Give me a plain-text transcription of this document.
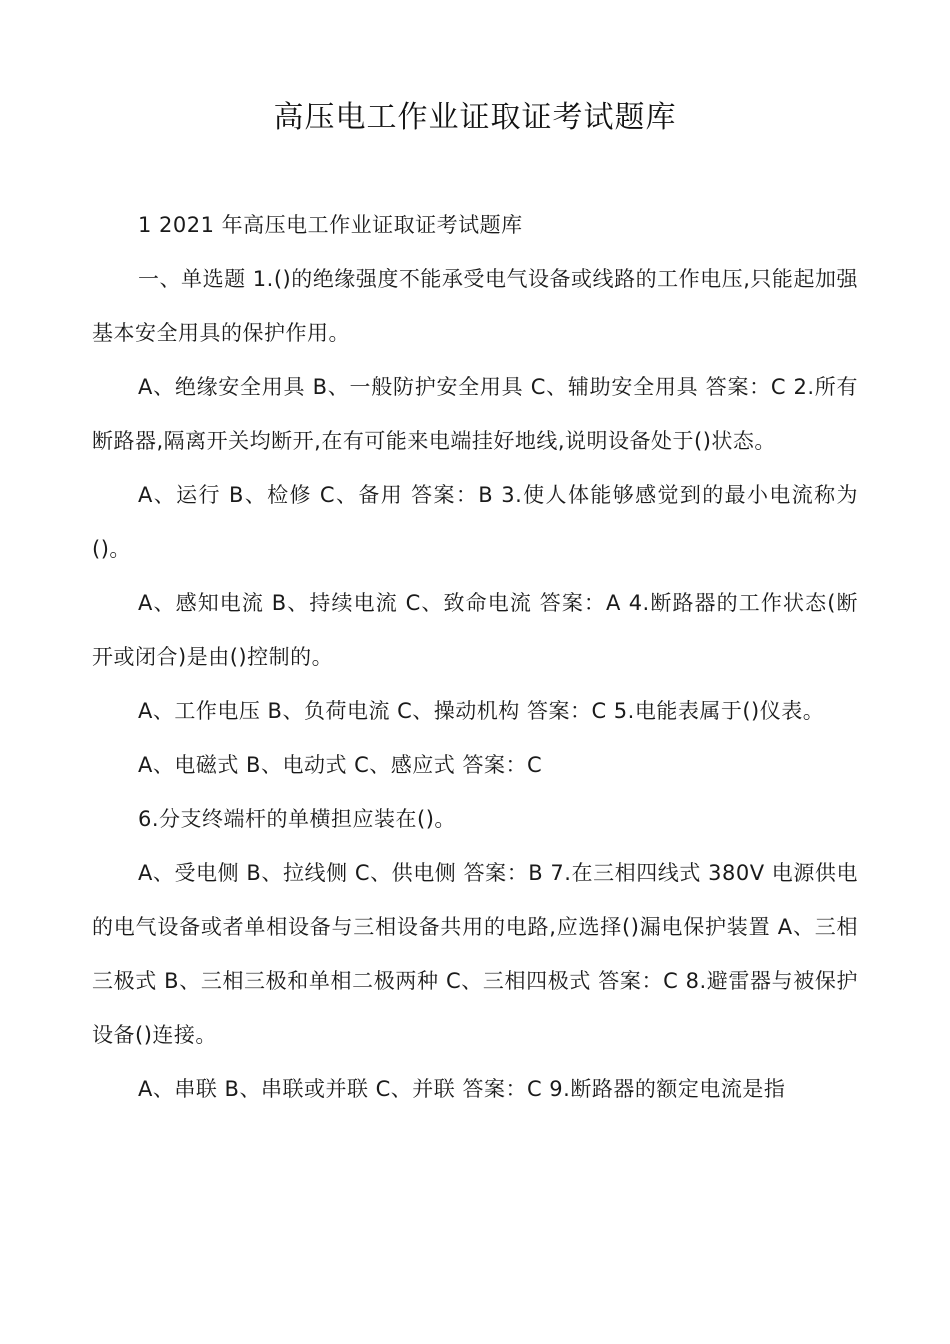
高压电工作业证取证考试题库

1 2021 年高压电工作业证取证考试题库

一、单选题 1.()的绝缘强度不能承受电气设备或线路的工作电压,只能起加强基本安全用具的保护作用。

A、绝缘安全用具 B、一般防护安全用具 C、辅助安全用具 答案：C 2.所有断路器,隔离开关均断开,在有可能来电端挂好地线,说明设备处于()状态。

A、运行 B、检修 C、备用 答案：B 3.使人体能够感觉到的最小电流称为()。

A、感知电流 B、持续电流 C、致命电流 答案：A 4.断路器的工作状态(断开或闭合)是由()控制的。

A、工作电压 B、负荷电流 C、操动机构 答案：C 5.电能表属于()仪表。

A、电磁式 B、电动式 C、感应式 答案：C

6.分支终端杆的单横担应装在()。

A、受电侧 B、拉线侧 C、供电侧 答案：B 7.在三相四线式 380V 电源供电的电气设备或者单相设备与三相设备共用的电路,应选择()漏电保护装置 A、三相三极式 B、三相三极和单相二极两种 C、三相四极式 答案：C 8.避雷器与被保护设备()连接。

A、串联 B、串联或并联 C、并联 答案：C 9.断路器的额定电流是指
